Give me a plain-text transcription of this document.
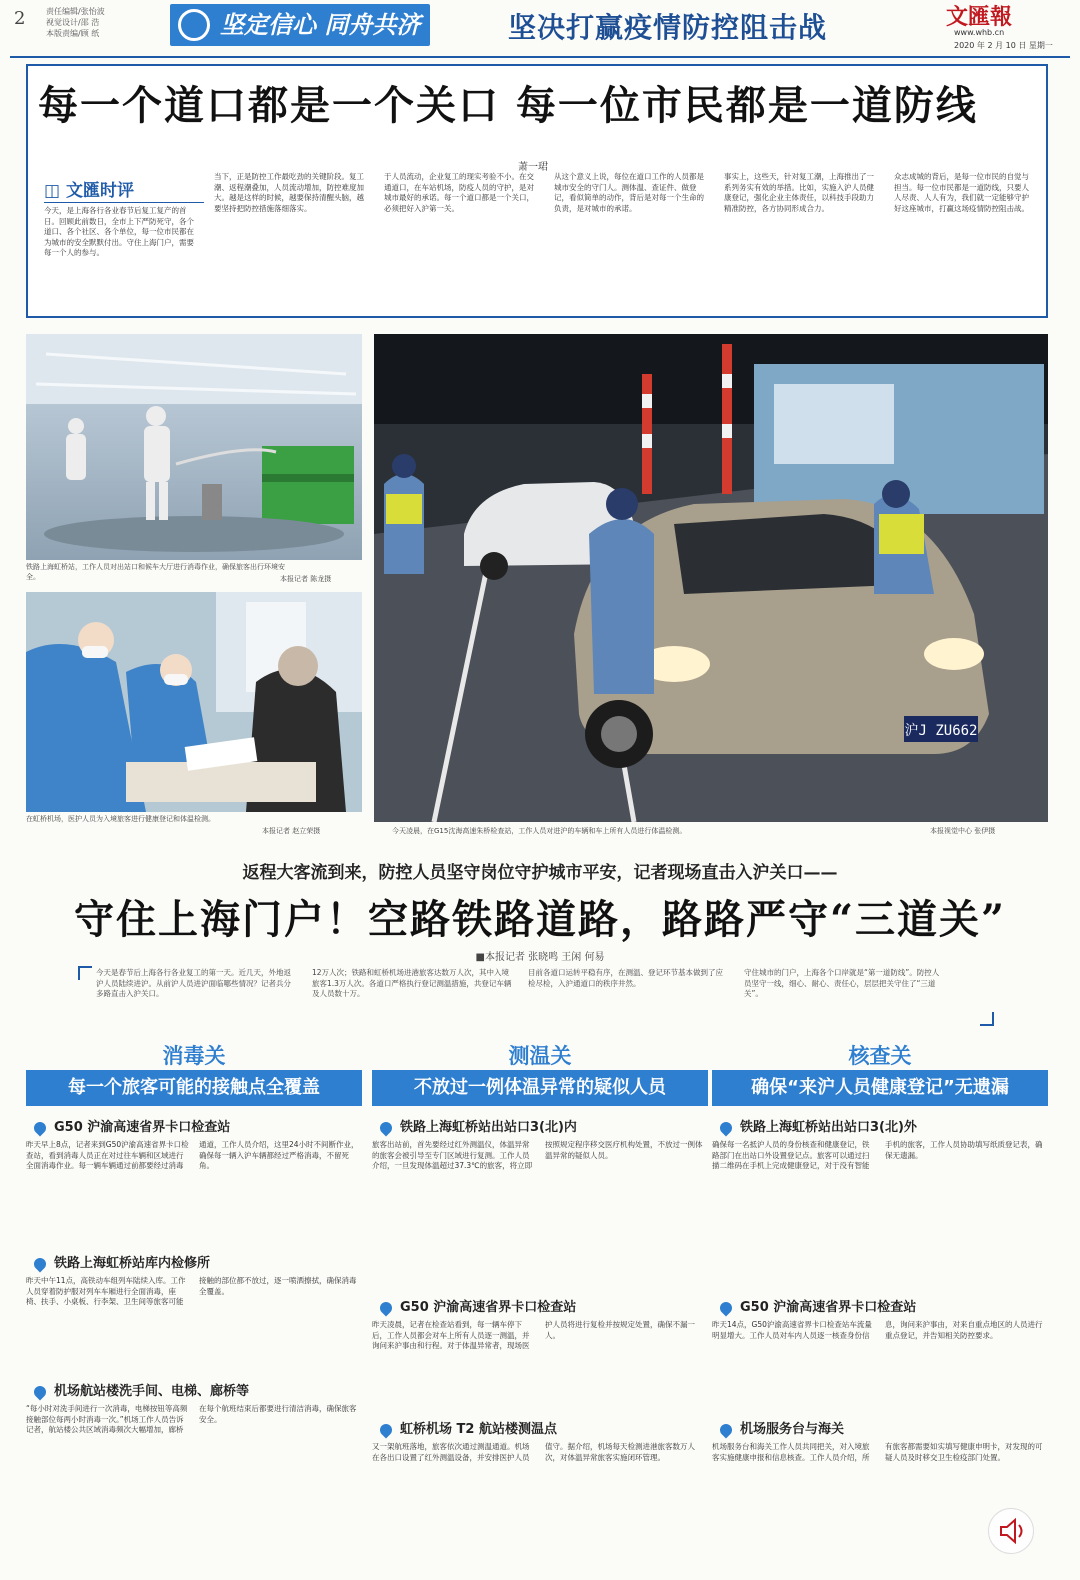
2	责任编辑/张怡波
视觉设计/邵 浩
本版责编/顾 纸	坚定信心 同舟共济	坚决打赢疫情防控阻击战	文匯報
www.whb.cn
2020 年 2 月 10 日 星期一
每一个道口都是一个关口 每一位市民都是一道防线
萧一珺
◫ 文匯时评
今天，是上海各行各业春节后复工复产的首日。回顾此前数日，全市上下严防死守，各个道口、各个社区、各个单位，每一位市民都在为城市的安全默默付出。守住上海门户，需要每一个人的参与。
当下，正是防控工作最吃劲的关键阶段。复工潮、返程潮叠加，人员流动增加，防控难度加大。越是这样的时候，越要保持清醒头脑，越要坚持把防控措施落细落实。
于人员流动，企业复工的现实考验不小。在交通道口，在车站机场，防疫人员的守护，是对城市最好的承诺。每一个道口都是一个关口，必须把好入沪第一关。
从这个意义上说，每位在道口工作的人员都是城市安全的守门人。测体温、查证件、做登记，看似简单的动作，背后是对每一个生命的负责，是对城市的承诺。
事实上，这些天，针对复工潮，上海推出了一系列务实有效的举措。比如，实施入沪人员健康登记，强化企业主体责任，以科技手段助力精准防控，各方协同形成合力。
众志成城的背后，是每一位市民的自觉与担当。每一位市民都是一道防线，只要人人尽责、人人有为，我们就一定能够守护好这座城市，打赢这场疫情防控阻击战。
铁路上海虹桥站，工作人员对出站口和候车大厅进行消毒作业，确保旅客出行环境安全。	本报记者 陈龙摄
在虹桥机场，医护人员为入境旅客进行健康登记和体温检测。
本报记者 赵立荣摄
沪J ZU662
今天凌晨，在G15沈海高速朱桥检查站，工作人员对进沪的车辆和车上所有人员进行体温检测。	本报视觉中心 张伊摄
返程大客流到来，防控人员坚守岗位守护城市平安，记者现场直击入沪关口——
守住上海门户！空路铁路道路，路路严守“三道关”
■本报记者 张晓鸣 王闲 何易
今天是春节后上海各行各业复工的第一天。近几天，外地返沪人员陆续进沪。从前沪人员进沪面临哪些情况？记者兵分多路直击入沪关口。
12万人次；铁路和虹桥机场进港旅客达数万人次，其中入境旅客1.3万人次。各道口严格执行登记测温措施，共登记车辆及人员数十万。
目前各道口运转平稳有序，在测温、登记环节基本做到了应检尽检，入沪通道口的秩序井然。
守住城市的门户，上海各个口岸就是“第一道防线”。防控人员坚守一线，细心、耐心、责任心，层层把关守住了“三道关”。
消毒关
每一个旅客可能的接触点全覆盖
G50 沪渝高速省界卡口检查站
昨天早上8点，记者来到G50沪渝高速省界卡口检查站，看到消毒人员正在对过往车辆和区域进行全面消毒作业。每一辆车辆通过前都要经过消毒通道，工作人员介绍，这里24小时不间断作业，确保每一辆入沪车辆都经过严格消毒，不留死角。
铁路上海虹桥站库内检修所
昨天中午11点，高铁动车组列车陆续入库。工作人员穿着防护服对列车车厢进行全面消毒，座椅、扶手、小桌板、行李架、卫生间等旅客可能接触的部位都不放过，逐一喷洒擦拭，确保消毒全覆盖。
机场航站楼洗手间、电梯、廊桥等
“每小时对洗手间进行一次消毒，电梯按钮等高频接触部位每两小时消毒一次。”机场工作人员告诉记者，航站楼公共区域消毒频次大幅增加，廊桥在每个航班结束后都要进行清洁消毒，确保旅客安全。
测温关
不放过一例体温异常的疑似人员
铁路上海虹桥站出站口3(北)内
旅客出站前，首先要经过红外测温仪，体温异常的旅客会被引导至专门区域进行复测。工作人员介绍，一旦发现体温超过37.3℃的旅客，将立即按照规定程序移交医疗机构处置，不放过一例体温异常的疑似人员。
G50 沪渝高速省界卡口检查站
昨天凌晨，记者在检查站看到，每一辆车停下后，工作人员都会对车上所有人员逐一测温，并询问来沪事由和行程。对于体温异常者，现场医护人员将进行复检并按规定处置，确保不漏一人。
虹桥机场 T2 航站楼测温点
又一架航班落地，旅客依次通过测温通道。机场在各出口设置了红外测温设备，并安排医护人员值守。据介绍，机场每天检测进港旅客数万人次，对体温异常旅客实施闭环管理。
核查关
确保“来沪人员健康登记”无遗漏
铁路上海虹桥站出站口3(北)外
确保每一名抵沪人员的身份核查和健康登记，铁路部门在出站口外设置登记点。旅客可以通过扫描二维码在手机上完成健康登记，对于没有智能手机的旅客，工作人员协助填写纸质登记表，确保无遗漏。
G50 沪渝高速省界卡口检查站
昨天14点，G50沪渝高速省界卡口检查站车流量明显增大。工作人员对车内人员逐一核查身份信息，询问来沪事由，对来自重点地区的人员进行重点登记，并告知相关防控要求。
机场服务台与海关
机场服务台和海关工作人员共同把关，对入境旅客实施健康申报和信息核查。工作人员介绍，所有旅客都需要如实填写健康申明卡，对发现的可疑人员及时移交卫生检疫部门处置。
